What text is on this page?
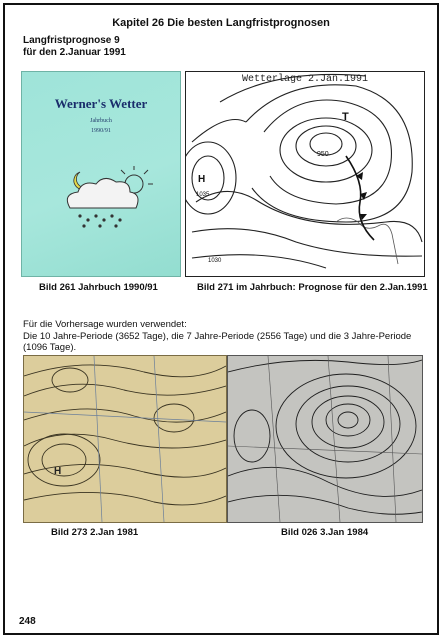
Kapitel 26 Die besten Langfristprognosen
Langfristprognose 9
für den 2.Januar 1991
Werner's Wetter
Jahrbuch
1990/91
Wetterlage 2.Jan.1991
T
950
H
1035
1030
Bild 261 Jahrbuch 1990/91	Bild 271 im Jahrbuch: Prognose für den 2.Jan.1991
Für die Vorhersage wurden verwendet:
Die 10 Jahre-Periode (3652 Tage), die 7 Jahre-Periode (2556 Tage) und die 3 Jahre-Periode (1096 Tage).
H
Bild 273 2.Jan 1981	Bild 026 3.Jan 1984
248
